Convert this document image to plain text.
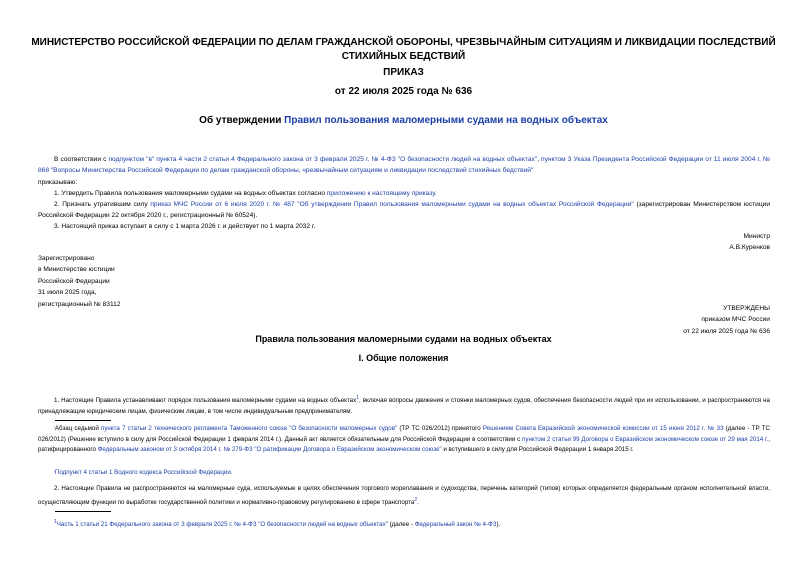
МИНИСТЕРСТВО РОССИЙСКОЙ ФЕДЕРАЦИИ ПО ДЕЛАМ ГРАЖДАНСКОЙ ОБОРОНЫ, ЧРЕЗВЫЧАЙНЫМ СИТУАЦИЯМ И ЛИКВИДАЦИИ ПОСЛЕДСТВИЙ СТИХИЙНЫХ БЕДСТВИЙ
ПРИКАЗ
от 22 июля 2025 года № 636
Об утверждении Правил пользования маломерными судами на водных объектах
В соответствии с подпунктом "в" пункта 4 части 2 статьи 4 Федерального закона от 3 февраля 2025 г. № 4-ФЗ "О безопасности людей на водных объектах", пунктом 3 Указа Президента Российской Федерации от 11 июля 2004 г. № 868 "Вопросы Министерства Российской Федерации по делам гражданской обороны, чрезвычайным ситуациям и ликвидации последствий стихийных бедствий"
приказываю:
1. Утвердить Правила пользования маломерными судами на водных объектах согласно приложению к настоящему приказу.
2. Признать утратившим силу приказ МЧС России от 6 июля 2020 г. № 487 "Об утверждении Правил пользования маломерными судами на водных объектах Российской Федерации" (зарегистрирован Министерством юстиции Российской Федерации 22 октября 2020 г., регистрационный № 60524).
3. Настоящий приказ вступает в силу с 1 марта 2026 г. и действует по 1 марта 2032 г.
Министр
А.В.Куренков
Зарегистрировано
в Министерстве юстиции
Российской Федерации
31 июля 2025 года,
регистрационный № 83112
УТВЕРЖДЕНЫ
приказом МЧС России
от 22 июля 2025 года № 636
Правила пользования маломерными судами на водных объектах
I. Общие положения
1. Настоящие Правила устанавливают порядок пользования маломерными судами на водных объектах$^1$, включая вопросы движения и стоянки маломерных судов, обеспечения безопасности людей при их использовании, и распространяются на принадлежащие юридическим лицам, физическим лицам, в том числе индивидуальным предпринимателям.
ⁱАбзац седьмой пункта 7 статьи 2 технического регламента Таможенного союза "О безопасности маломерных судов" (ТР ТС 026/2012) принятого Решением Совета Евразийской экономической комиссии от 15 июня 2012 г. № 33 (далее - ТР ТС 026/2012) (Решение вступило в силу для Российской Федерации 1 февраля 2014 г.). Данный акт является обязательным для Российской Федерации в соответствии с пунктом 2 статьи 99 Договора о Евразийском экономическом союзе от 29 мая 2014 г., ратифицированного Федеральным законом от 3 октября 2014 г. № 279-ФЗ "О ратификации Договора о Евразийском экономическом союзе" и вступившего в силу для Российской Федерации 1 января 2015 г.
ⁱПодпункт 4 статьи 1 Водного кодекса Российской Федерации.
2. Настоящие Правила не распространяются на маломерные суда, используемые в целях обеспечения торгового мореплавания и судоходства, перечень категорий (типов) которых определяется федеральным органом исполнительной власти, осуществляющим функции по выработке государственной политики и нормативно-правовому регулированию в сфере транспорта$^2$.
$^1$Часть 1 статьи 21 Федерального закона от 3 февраля 2025 г. № 4-ФЗ "О безопасности людей на водных объектах" (далее - Федеральный закон № 4-ФЗ).
